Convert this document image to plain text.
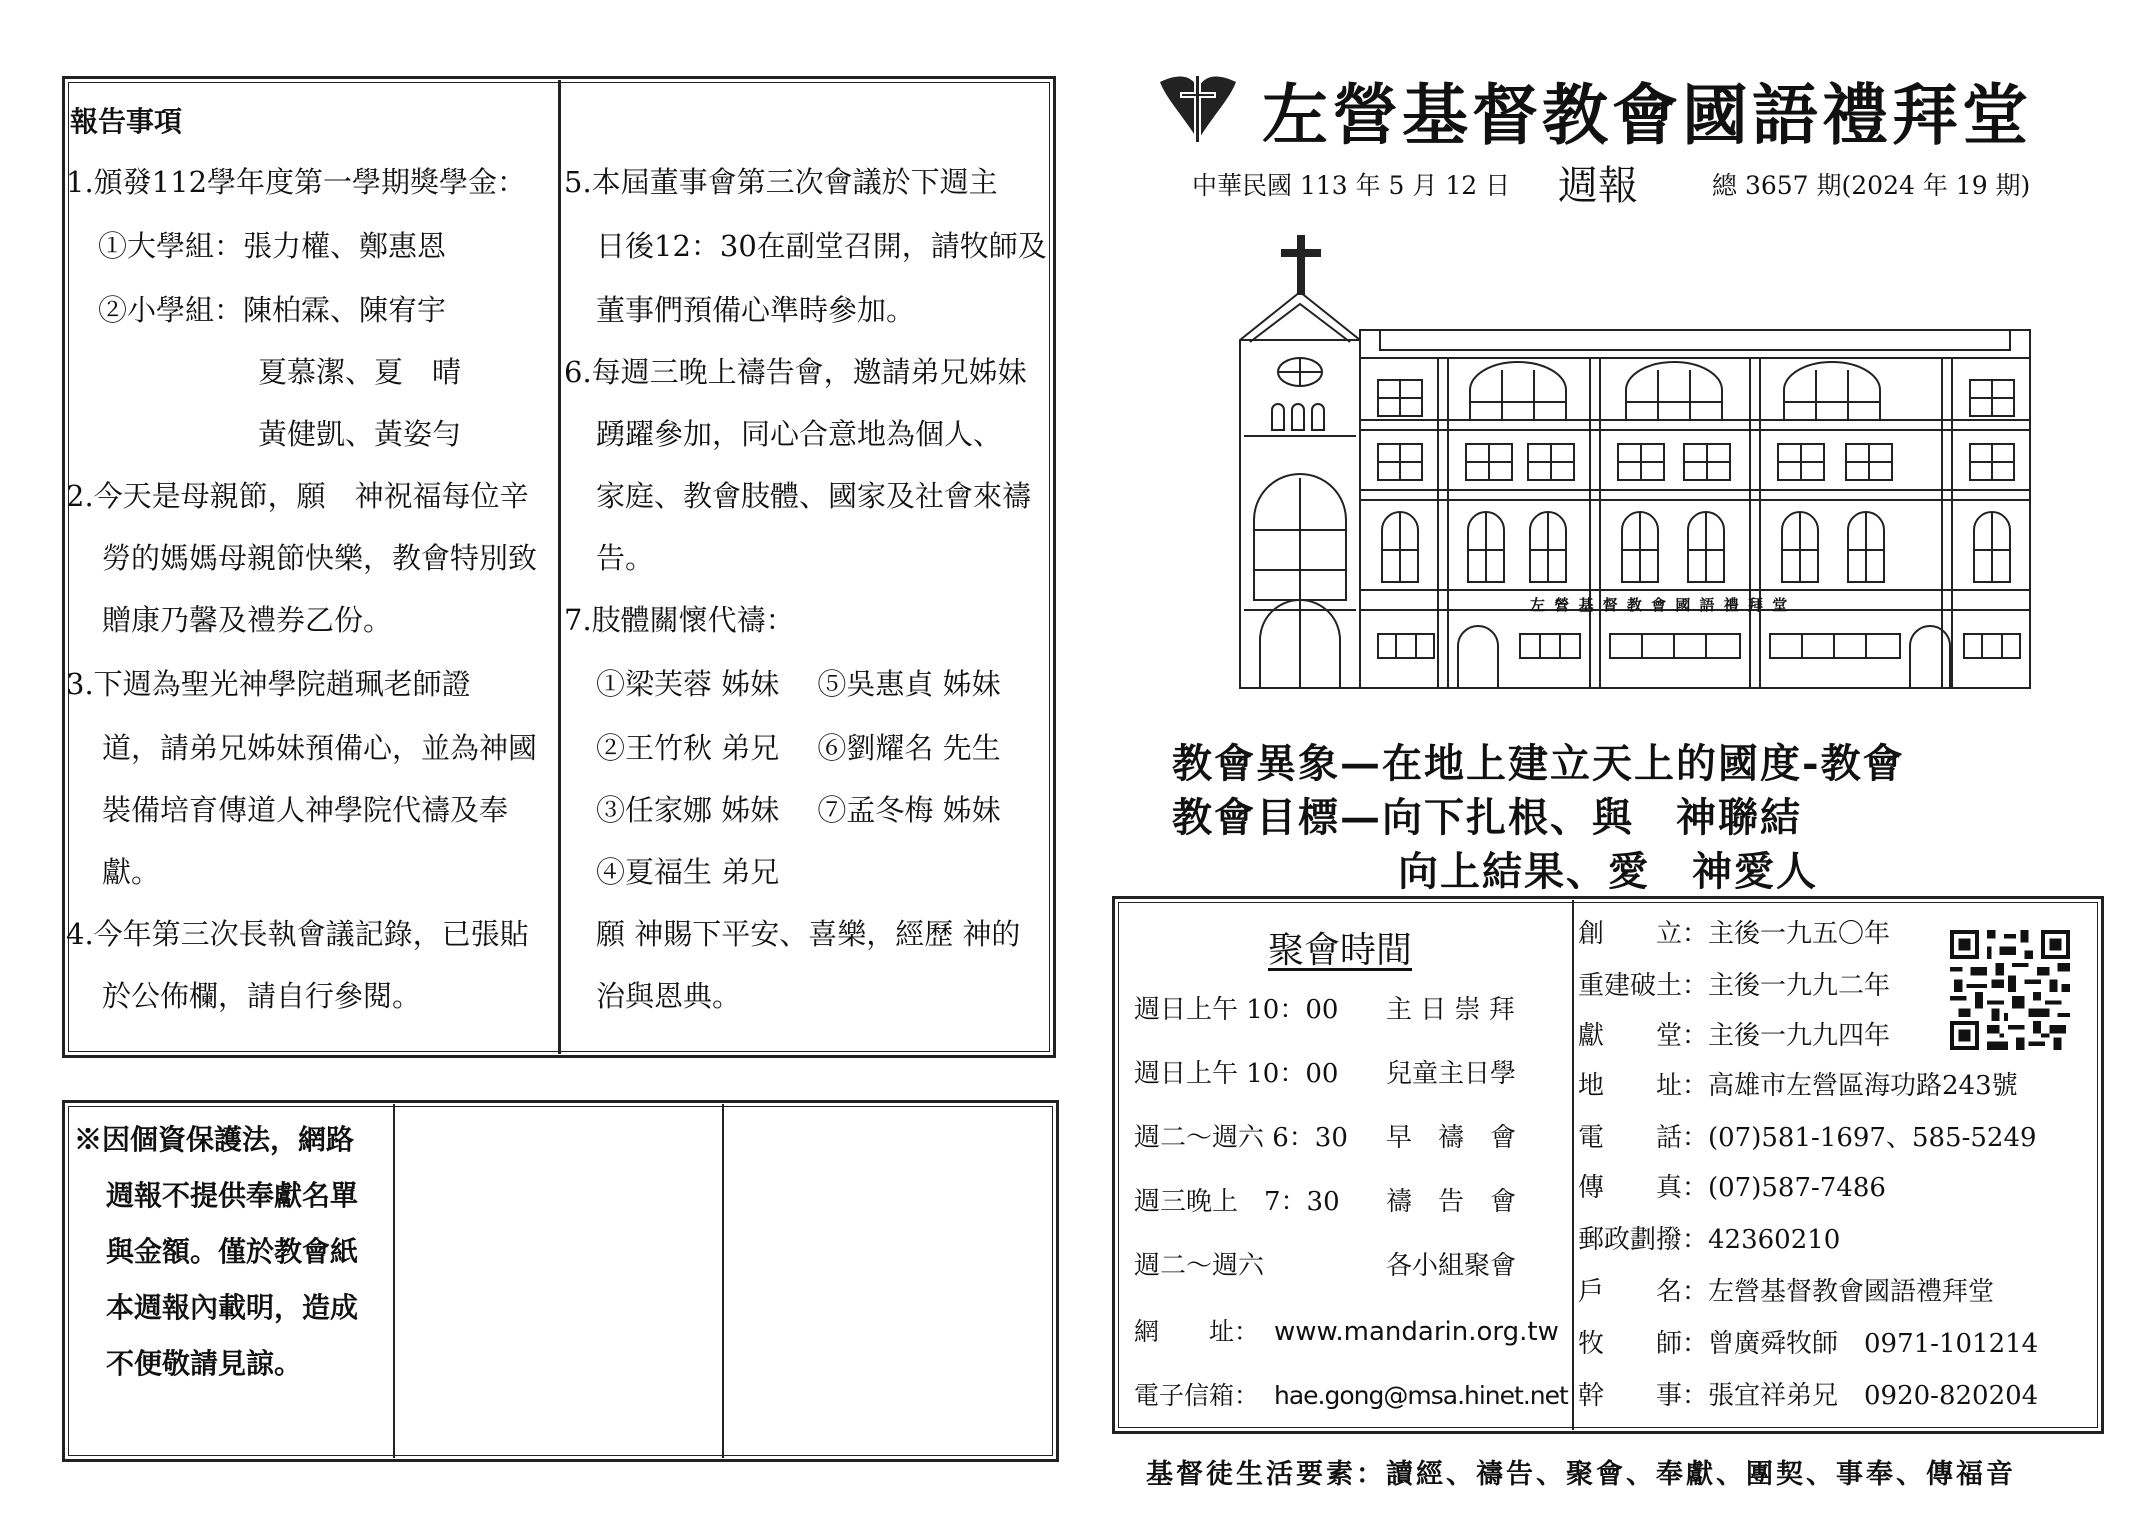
報告事項
1.頒發112學年度第一學期獎學金：
①大學組：張力權、鄭惠恩
②小學組：陳柏霖、陳宥宇
夏慕潔、夏　晴
黃健凱、黃姿勻
2.今天是母親節，願　神祝福每位辛
勞的媽媽母親節快樂，教會特別致
贈康乃馨及禮券乙份。
3.下週為聖光神學院趙珮老師證
道，請弟兄姊妹預備心，並為神國
裝備培育傳道人神學院代禱及奉
獻。
4.今年第三次長執會議記錄，已張貼
於公佈欄，請自行參閱。
5.本屆董事會第三次會議於下週主
日後12：30在副堂召開，請牧師及
董事們預備心準時參加。
6.每週三晚上禱告會，邀請弟兄姊妹
踴躍參加，同心合意地為個人、
家庭、教會肢體、國家及社會來禱
告。
7.肢體關懷代禱：
①梁芙蓉 姊妹　 ⑤吳惠貞 姊妹
②王竹秋 弟兄　 ⑥劉耀名 先生
③任家娜 姊妹　 ⑦孟冬梅 姊妹
④夏福生 弟兄
願 神賜下平安、喜樂，經歷 神的
治與恩典。
※因個資保護法，網路
週報不提供奉獻名單
與金額。僅於教會紙
本週報內載明，造成
不便敬請見諒。
左營基督教會國語禮拜堂
中華民國 113 年 5 月 12 日 週報	總 3657 期(2024 年 19 期)
左 營 基 督 教 會 國 語 禮 拜 堂
教會異象—在地上建立天上的國度-教會
教會目標—向下扎根、與　神聯結
向上結果、愛　神愛人
聚會時間
週日上午 10：00 主 日 崇 拜
週日上午 10：00 兒童主日學
週二～週六 6：30 早　禱　會
週三晚上　7：30 禱　告　會
週二～週六	各小組聚會
網　　址： www.mandarin.org.tw
電子信箱： hae.gong@msa.hinet.net
創　　立：主後一九五〇年
重建破土：主後一九九二年
獻　　堂：主後一九九四年
地　　址：高雄市左營區海功路243號
電　　話：(07)581-1697、585-5249
傳　　真：(07)587-7486
郵政劃撥：42360210
戶　　名：左營基督教會國語禮拜堂
牧　　師：曾廣舜牧師　0971-101214
幹　　事：張宜祥弟兄　0920-820204
基督徒生活要素：讀經、禱告、聚會、奉獻、團契、事奉、傳福音
